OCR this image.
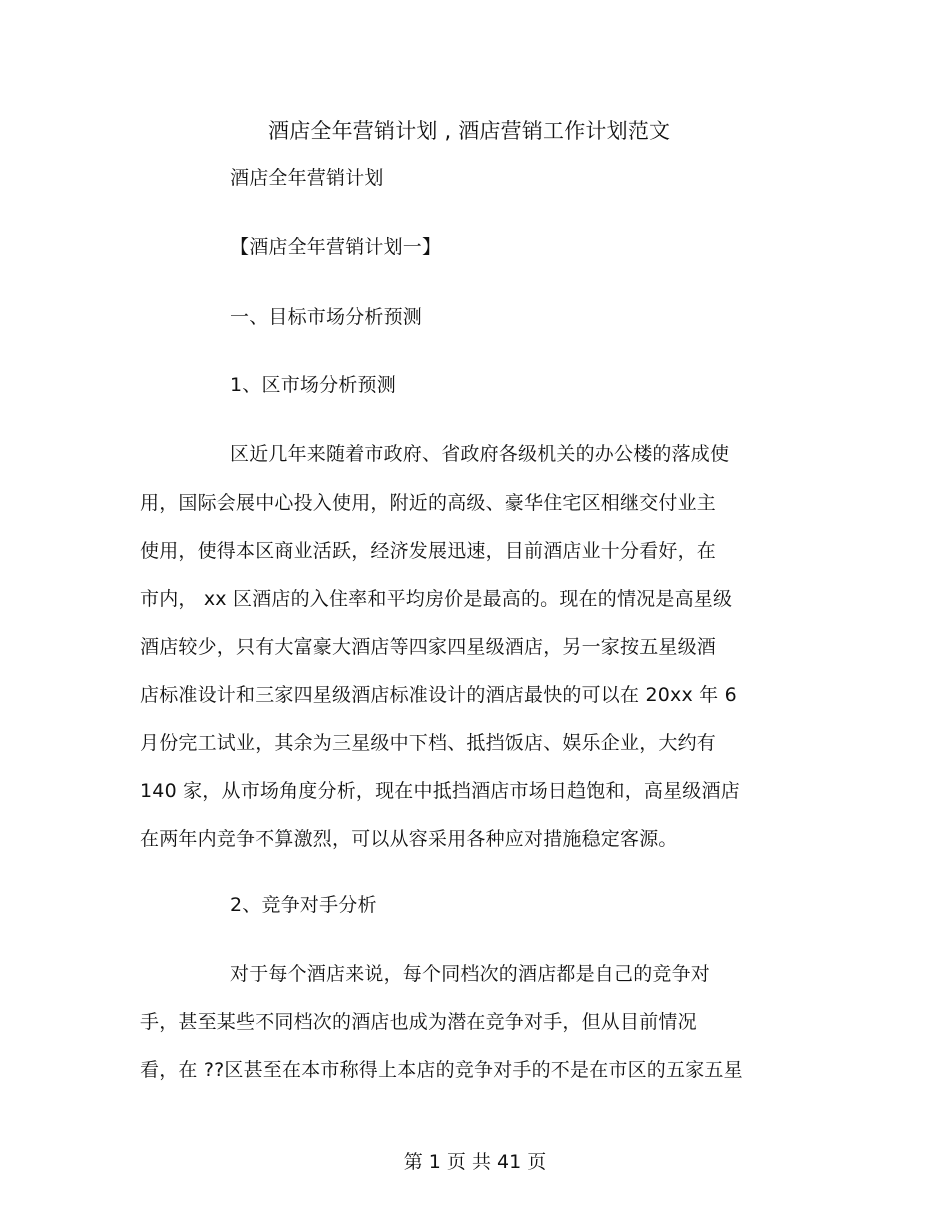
酒店全年营销计划 , 酒店营销工作计划范文
酒店全年营销计划
【酒店全年营销计划一】
一、目标市场分析预测
1、区市场分析预测
区近几年来随着市政府、省政府各级机关的办公楼的落成使
用，国际会展中心投入使用，附近的高级、豪华住宅区相继交付业主
使用，使得本区商业活跃，经济发展迅速，目前酒店业十分看好，在
市内， xx 区酒店的入住率和平均房价是最高的。现在的情况是高星级
酒店较少，只有大富豪大酒店等四家四星级酒店，另一家按五星级酒
店标准设计和三家四星级酒店标准设计的酒店最快的可以在 20xx 年 6
月份完工试业，其余为三星级中下档、抵挡饭店、娱乐企业，大约有
140 家，从市场角度分析，现在中抵挡酒店市场日趋饱和，高星级酒店
在两年内竞争不算激烈，可以从容采用各种应对措施稳定客源。
2、竞争对手分析
对于每个酒店来说，每个同档次的酒店都是自己的竞争对
手，甚至某些不同档次的酒店也成为潜在竞争对手，但从目前情况
看，在 ??区甚至在本市称得上本店的竞争对手的不是在市区的五家五星
第 1 页 共 41 页
